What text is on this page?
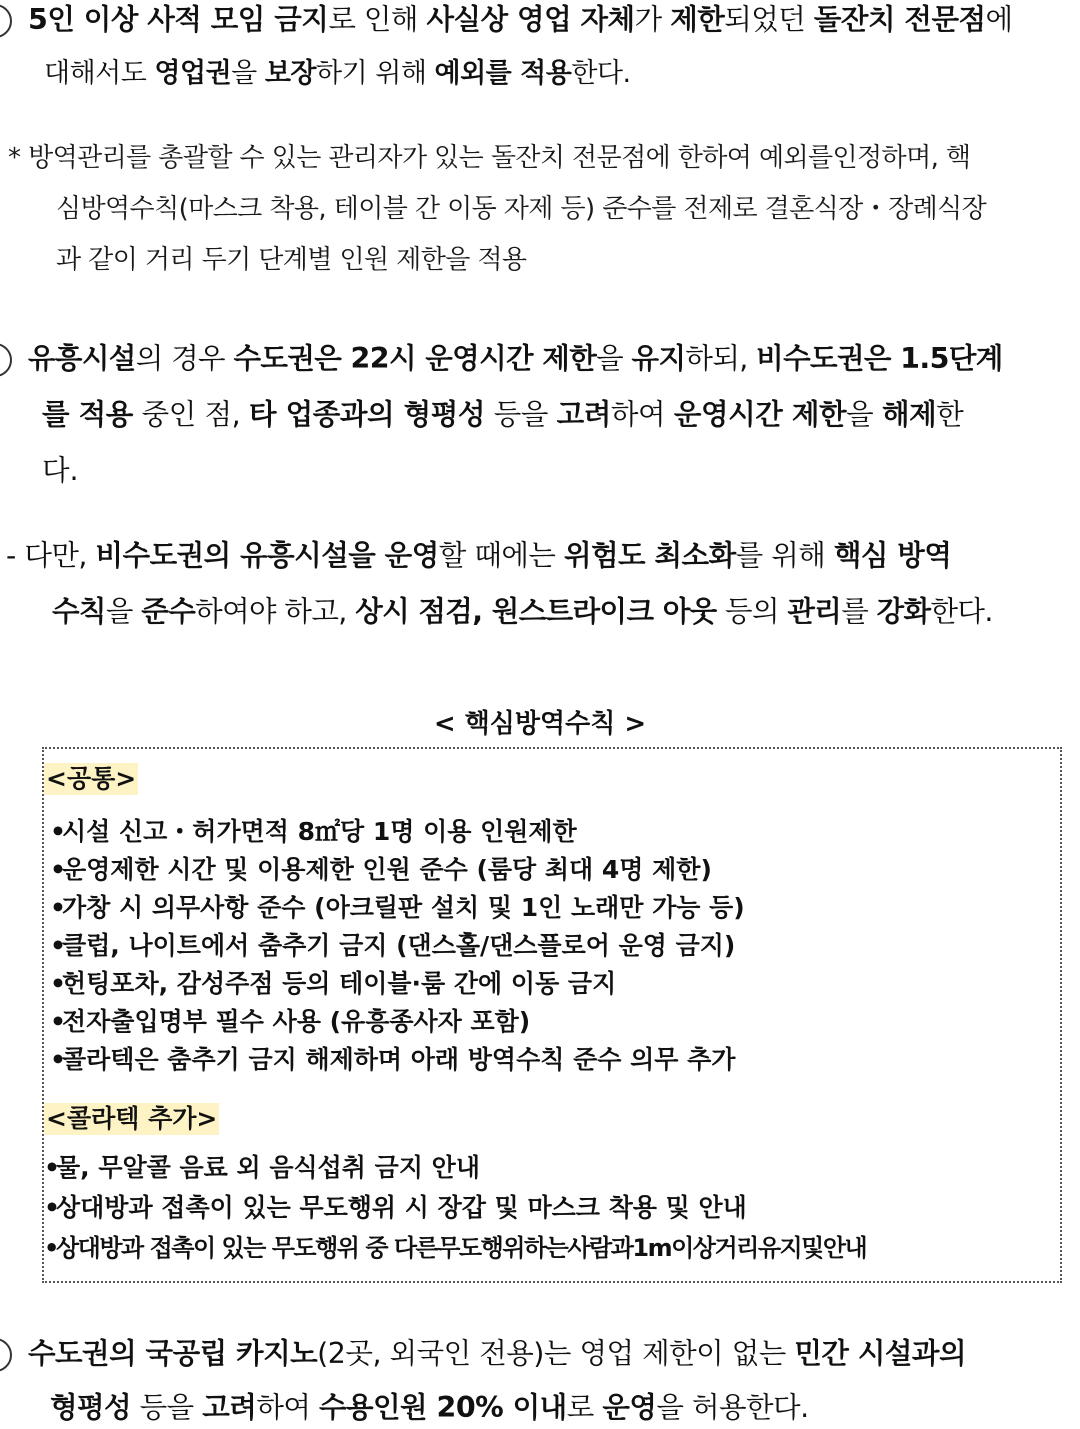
5인 이상 사적 모임 금지로 인해 사실상 영업 자체가 제한되었던 돌잔치 전문점에
대해서도 영업권을 보장하기 위해 예외를 적용한다.
* 방역관리를 총괄할 수 있는 관리자가 있는 돌잔치 전문점에 한하여 예외를인정하며, 핵
심방역수칙(마스크 착용, 테이블 간 이동 자제 등) 준수를 전제로 결혼식장・장례식장
과 같이 거리 두기 단계별 인원 제한을 적용
유흥시설의 경우 수도권은 22시 운영시간 제한을 유지하되, 비수도권은 1.5단계
를 적용 중인 점, 타 업종과의 형평성 등을 고려하여 운영시간 제한을 해제한
다.
- 다만, 비수도권의 유흥시설을 운영할 때에는 위험도 최소화를 위해 핵심 방역
수칙을 준수하여야 하고, 상시 점검, 원스트라이크 아웃 등의 관리를 강화한다.
< 핵심방역수칙 >
<공통>
•시설 신고・허가면적 8㎡당 1명 이용 인원제한
•운영제한 시간 및 이용제한 인원 준수 (룸당 최대 4명 제한)
•가창 시 의무사항 준수 (아크릴판 설치 및 1인 노래만 가능 등)
•클럽, 나이트에서 춤추기 금지 (댄스홀/댄스플로어 운영 금지)
•헌팅포차, 감성주점 등의 테이블·룸 간에 이동 금지
•전자출입명부 필수 사용 (유흥종사자 포함)
•콜라텍은 춤추기 금지 해제하며 아래 방역수칙 준수 의무 추가
<콜라텍 추가>
•물, 무알콜 음료 외 음식섭취 금지 안내
•상대방과 접촉이 있는 무도행위 시 장갑 및 마스크 착용 및 안내
•상대방과 접촉이 있는 무도행위 중 다른무도행위하는사람과1m이상거리유지및안내
수도권의 국공립 카지노(2곳, 외국인 전용)는 영업 제한이 없는 민간 시설과의
형평성 등을 고려하여 수용인원 20% 이내로 운영을 허용한다.
